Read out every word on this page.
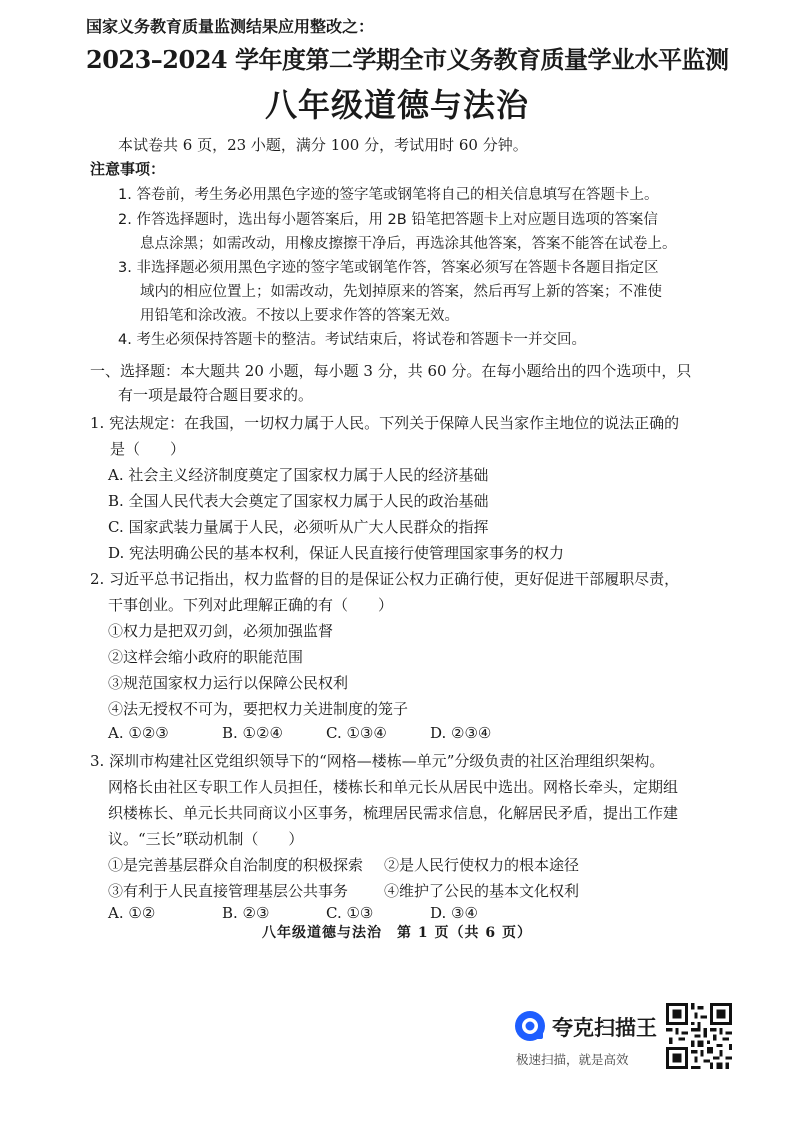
国家义务教育质量监测结果应用整改之：
2023–2024 学年度第二学期全市义务教育质量学业水平监测
八年级道德与法治
本试卷共 6 页，23 小题，满分 100 分，考试用时 60 分钟。
注意事项：
1. 答卷前，考生务必用黑色字迹的签字笔或钢笔将自己的相关信息填写在答题卡上。
2. 作答选择题时，选出每小题答案后，用 2B 铅笔把答题卡上对应题目选项的答案信
息点涂黑；如需改动，用橡皮擦擦干净后，再选涂其他答案，答案不能答在试卷上。
3. 非选择题必须用黑色字迹的签字笔或钢笔作答，答案必须写在答题卡各题目指定区
域内的相应位置上；如需改动，先划掉原来的答案，然后再写上新的答案；不准使
用铅笔和涂改液。不按以上要求作答的答案无效。
4. 考生必须保持答题卡的整洁。考试结束后，将试卷和答题卡一并交回。
一、选择题：本大题共 20 小题，每小题 3 分，共 60 分。在每小题给出的四个选项中，只
有一项是最符合题目要求的。
1. 宪法规定：在我国，一切权力属于人民。下列关于保障人民当家作主地位的说法正确的
是（　　）
A. 社会主义经济制度奠定了国家权力属于人民的经济基础
B. 全国人民代表大会奠定了国家权力属于人民的政治基础
C. 国家武装力量属于人民，必须听从广大人民群众的指挥
D. 宪法明确公民的基本权利，保证人民直接行使管理国家事务的权力
2. 习近平总书记指出，权力监督的目的是保证公权力正确行使，更好促进干部履职尽责，
干事创业。下列对此理解正确的有（　　）
①权力是把双刃剑，必须加强监督
②这样会缩小政府的职能范围
③规范国家权力运行以保障公民权利
④法无授权不可为，要把权力关进制度的笼子
A. ①②③	B. ①②④	C. ①③④	D. ②③④
3. 深圳市构建社区党组织领导下的“网格—楼栋—单元”分级负责的社区治理组织架构。
网格长由社区专职工作人员担任，楼栋长和单元长从居民中选出。网格长牵头，定期组
织楼栋长、单元长共同商议小区事务，梳理居民需求信息，化解居民矛盾，提出工作建
议。“三长”联动机制（　　）
①是完善基层群众自治制度的积极探索 ②是人民行使权力的根本途径
③有利于人民直接管理基层公共事务 ④维护了公民的基本文化权利
A. ①②	B. ②③	C. ①③	D. ③④
八年级道德与法治　第 1 页（共 6 页）
夸克扫描王
极速扫描，就是高效
